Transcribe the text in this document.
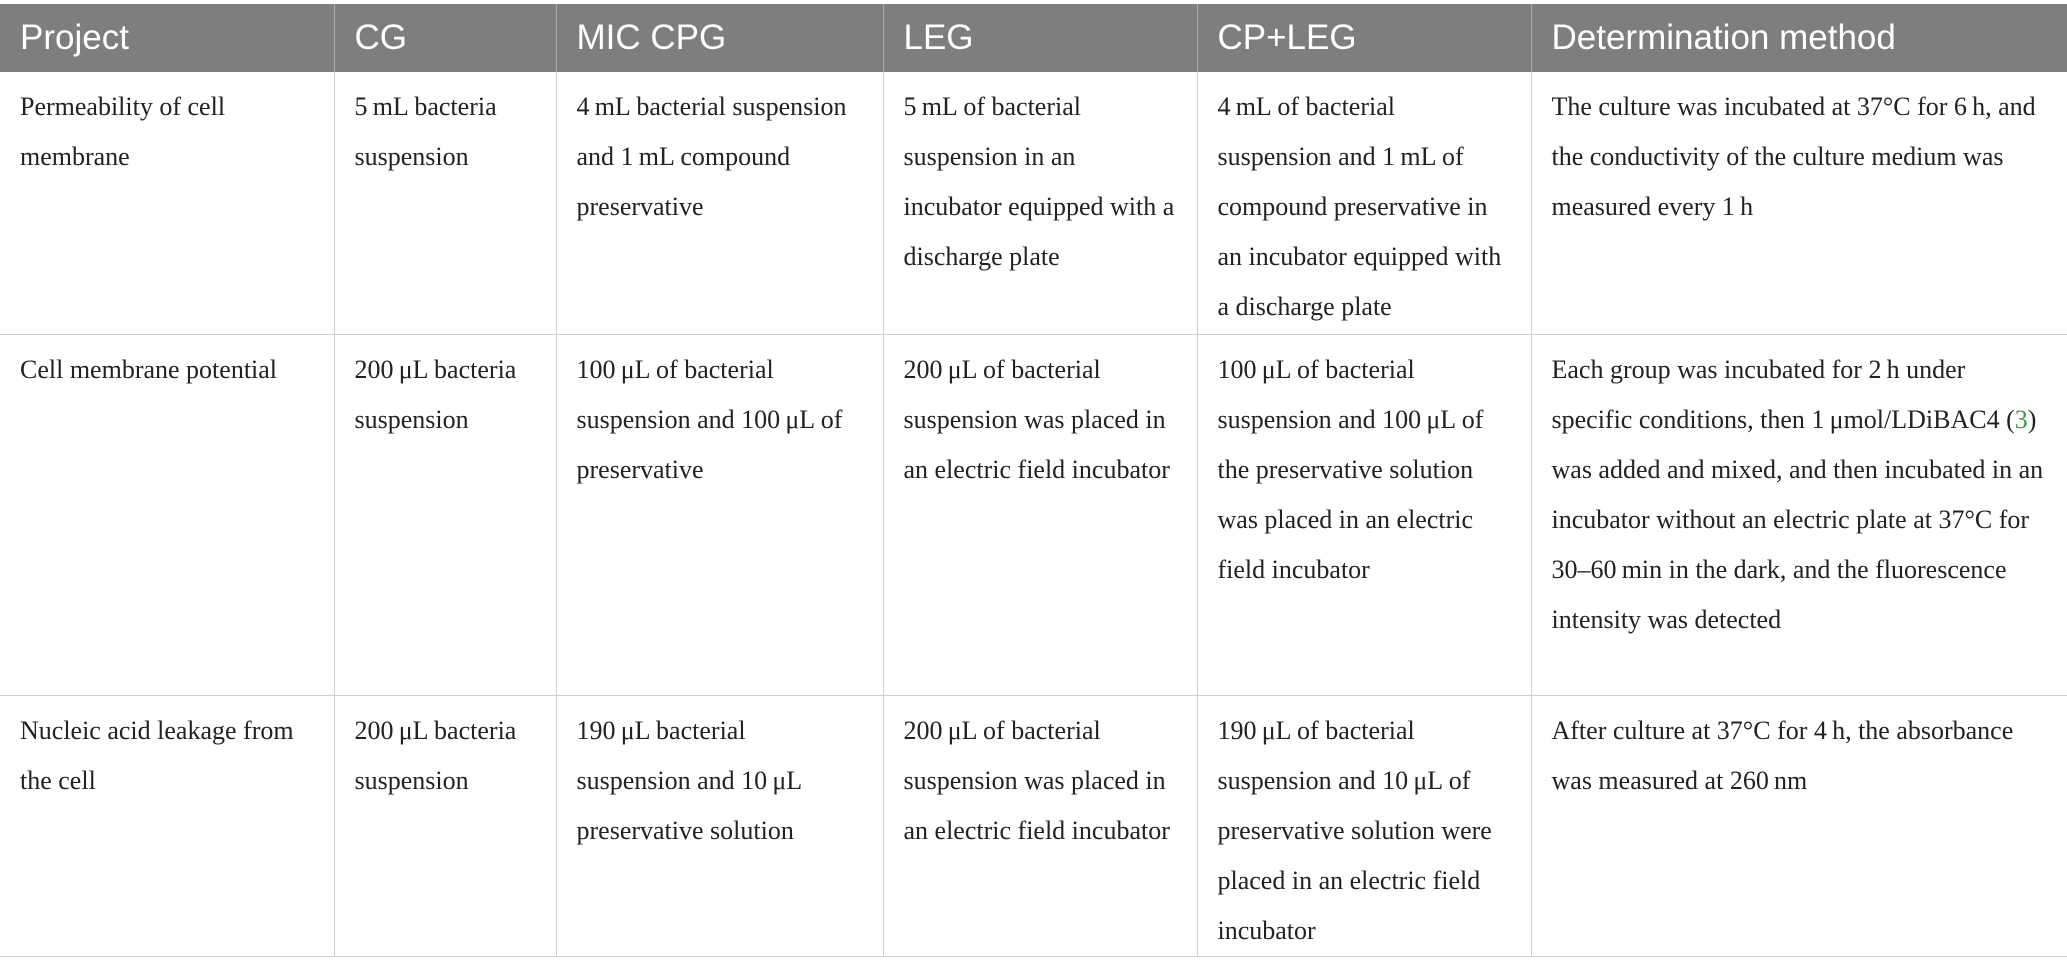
Project	CG	MIC CPG	LEG	CP+LEG	Determination method
Permeability of cell membrane	5 mL bacteria suspension	4 mL bacterial suspension and 1 mL compound preservative	5 mL of bacterial suspension in an incubator equipped with a discharge plate	4 mL of bacterial suspension and 1 mL of compound preservative in an incubator equipped with a discharge plate	The culture was incubated at 37°C for 6 h, and the conductivity of the culture medium was measured every 1 h
Cell membrane potential	200 μL bacteria suspension	100 μL of bacterial suspension and 100 μL of preservative	200 μL of bacterial suspension was placed in an electric field incubator	100 μL of bacterial suspension and 100 μL of the preservative solution was placed in an electric field incubator	Each group was incubated for 2 h under specific conditions, then 1 μmol/LDiBAC4 (3) was added and mixed, and then incubated in an incubator without an electric plate at 37°C for 30–60 min in the dark, and the fluorescence intensity was detected
Nucleic acid leakage from the cell	200 μL bacteria suspension	190 μL bacterial suspension and 10 μL preservative solution	200 μL of bacterial suspension was placed in an electric field incubator	190 μL of bacterial suspension and 10 μL of preservative solution were placed in an electric field incubator	After culture at 37°C for 4 h, the absorbance was measured at 260 nm
